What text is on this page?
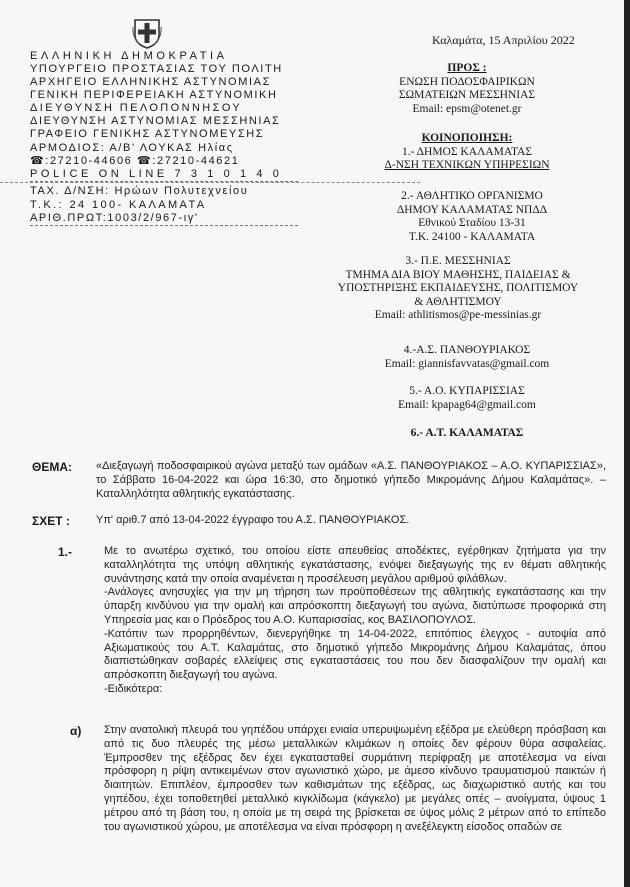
Καλαμάτα, 15 Απριλίου 2022
ΕΛΛΗΝΙΚΗ ΔΗΜΟΚΡΑΤΙΑ
ΥΠΟΥΡΓΕΙΟ ΠΡΟΣΤΑΣΙΑΣ ΤΟΥ ΠΟΛΙΤΗ
ΑΡΧΗΓΕΙΟ ΕΛΛΗΝΙΚΗΣ ΑΣΤΥΝΟΜΙΑΣ
ΓΕΝΙΚΗ ΠΕΡΙΦΕΡΕΙΑΚΗ ΑΣΤΥΝΟΜΙΚΗ
ΔΙΕΥΘΥΝΣΗ ΠΕΛΟΠΟΝΝΗΣΟΥ
ΔΙΕΥΘΥΝΣΗ ΑΣΤΥΝΟΜΙΑΣ ΜΕΣΣΗΝΙΑΣ
ΓΡΑΦΕΙΟ ΓΕΝΙΚΗΣ ΑΣΤΥΝΟΜΕΥΣΗΣ
ΑΡΜΟΔΙΟΣ: Α/Β' ΛΟΥΚΑΣ Ηλίας
☎:27210-44606 ☎:27210-44621
POLICE ON LINE 7 3 1 0 1 4 0
ΤΑΧ. Δ/ΝΣΗ: Ηρώων Πολυτεχνείου
Τ.Κ.: 24 100- ΚΑΛΑΜΑΤΑ
ΑΡΙΘ.ΠΡΩΤ:1003/2/967-ιγ'
ΠΡΟΣ :
ΕΝΩΣΗ ΠΟΔΟΣΦΑΙΡΙΚΩΝ
ΣΩΜΑΤΕΙΩΝ ΜΕΣΣΗΝΙΑΣ
Email: epsm@otenet.gr
ΚΟΙΝΟΠΟΙΗΣΗ:
1.- ΔΗΜΟΣ ΚΑΛΑΜΑΤΑΣ
Δ-ΝΣΗ ΤΕΧΝΙΚΩΝ ΥΠΗΡΕΣΙΩΝ
2.- ΑΘΛΗΤΙΚΟ ΟΡΓΑΝΙΣΜΟ
ΔΗΜΟΥ ΚΑΛΑΜΑΤΑΣ ΝΠΔΔ
Εθνικού Σταδίου 13-31
Τ.Κ. 24100 - ΚΑΛΑΜΑΤΑ
3.- Π.Ε. ΜΕΣΣΗΝΙΑΣ
ΤΜΗΜΑ ΔΙΑ ΒΙΟΥ ΜΑΘΗΣΗΣ, ΠΑΙΔΕΙΑΣ &
ΥΠΟΣΤΗΡΙΞΗΣ ΕΚΠΑΙΔΕΥΣΗΣ, ΠΟΛΙΤΙΣΜΟΥ
& ΑΘΛΗΤΙΣΜΟΥ
Email: athlitismos@pe-messinias.gr
4.-Α.Σ. ΠΑΝΘΟΥΡΙΑΚΟΣ
Email: giannisfavvatas@gmail.com
5.- Α.Ο. ΚΥΠΑΡΙΣΣΙΑΣ
Email: kpapag64@gmail.com
6.- Α.Τ. ΚΑΛΑΜΑΤΑΣ
ΘΕΜΑ: «Διεξαγωγή ποδοσφαιρικού αγώνα μεταξύ των ομάδων «Α.Σ. ΠΑΝΘΟΥΡΙΑΚΟΣ – Α.Ο. ΚΥΠΑΡΙΣΣΙΑΣ», το Σάββατο 16-04-2022 και ώρα 16:30, στο δημοτικό γήπεδο Μικρομάνης Δήμου Καλαμάτας». – Καταλληλότητα αθλητικής εγκατάστασης.
ΣΧΕΤ : Υπ' αριθ.7 από 13-04-2022 έγγραφο του Α.Σ. ΠΑΝΘΟΥΡΙΑΚΟΣ.
1.-	Με το ανωτέρω σχετικό, του οποίου είστε απευθείας αποδέκτες, εγέρθηκαν ζητήματα για την καταλληλότητα της υπόψη αθλητικής εγκατάστασης, ενόψει διεξαγωγής της εν θέματι αθλητικής συνάντησης κατά την οποία αναμένεται η προσέλευση μεγάλου αριθμού φιλάθλων.

-Ανάλογες ανησυχίες για την μη τήρηση των προϋποθέσεων της αθλητικής εγκατάστασης και την ύπαρξη κινδύνου για την ομαλή και απρόσκοπτη διεξαγωγή του αγώνα, διατύπωσε προφορικά στη Υπηρεσία μας και ο Πρόεδρος του Α.Ο. Κυπαρισσίας, κος ΒΑΣΙΛΟΠΟΥΛΟΣ.

-Κατόπιν των προρρηθέντων, διενεργήθηκε τη 14-04-2022, επιτόπιος έλεγχος - αυτοψία από Αξιωματικούς του Α.Τ. Καλαμάτας, στο δημοτικό γήπεδο Μικρομάνης Δήμου Καλαμάτας, όπου διαπιστώθηκαν σοβαρές ελλείψεις στις εγκαταστάσεις του που δεν διασφαλίζουν την ομαλή και απρόσκοπτη διεξαγωγή του αγώνα.

-Ειδικότερα:

α) Στην ανατολική πλευρά του γηπέδου υπάρχει ενιαία υπερυψωμένη εξέδρα με ελεύθερη πρόσβαση και από τις δυο πλευρές της μέσω μεταλλικών κλιμάκων η οποίες δεν φέρουν θύρα ασφαλείας. Έμπροσθεν της εξέδρας δεν έχει εγκατασταθεί συρμάτινη περίφραξη με αποτέλεσμα να είναι πρόσφορη η ρίψη αντικειμένων στον αγωνιστικό χώρο, με άμεσο κίνδυνο τραυματισμού παικτών ή διαιτητών. Επιπλέον, έμπροσθεν των καθισμάτων της εξέδρας, ως διαχωριστικό αυτής και του γηπέδου, έχει τοποθετηθεί μεταλλικό κιγκλίδωμα (κάγκελο) με μεγάλες οπές – ανοίγματα, ύψους 1 μέτρου από τη βάση του, η οποία με τη σειρά της βρίσκεται σε ύψος μόλις 2 μέτρων από το επίπεδο του αγωνιστικού χώρου, με αποτέλεσμα να είναι πρόσφορη η ανεξέλεγκτη είσοδος οπαδών σε
